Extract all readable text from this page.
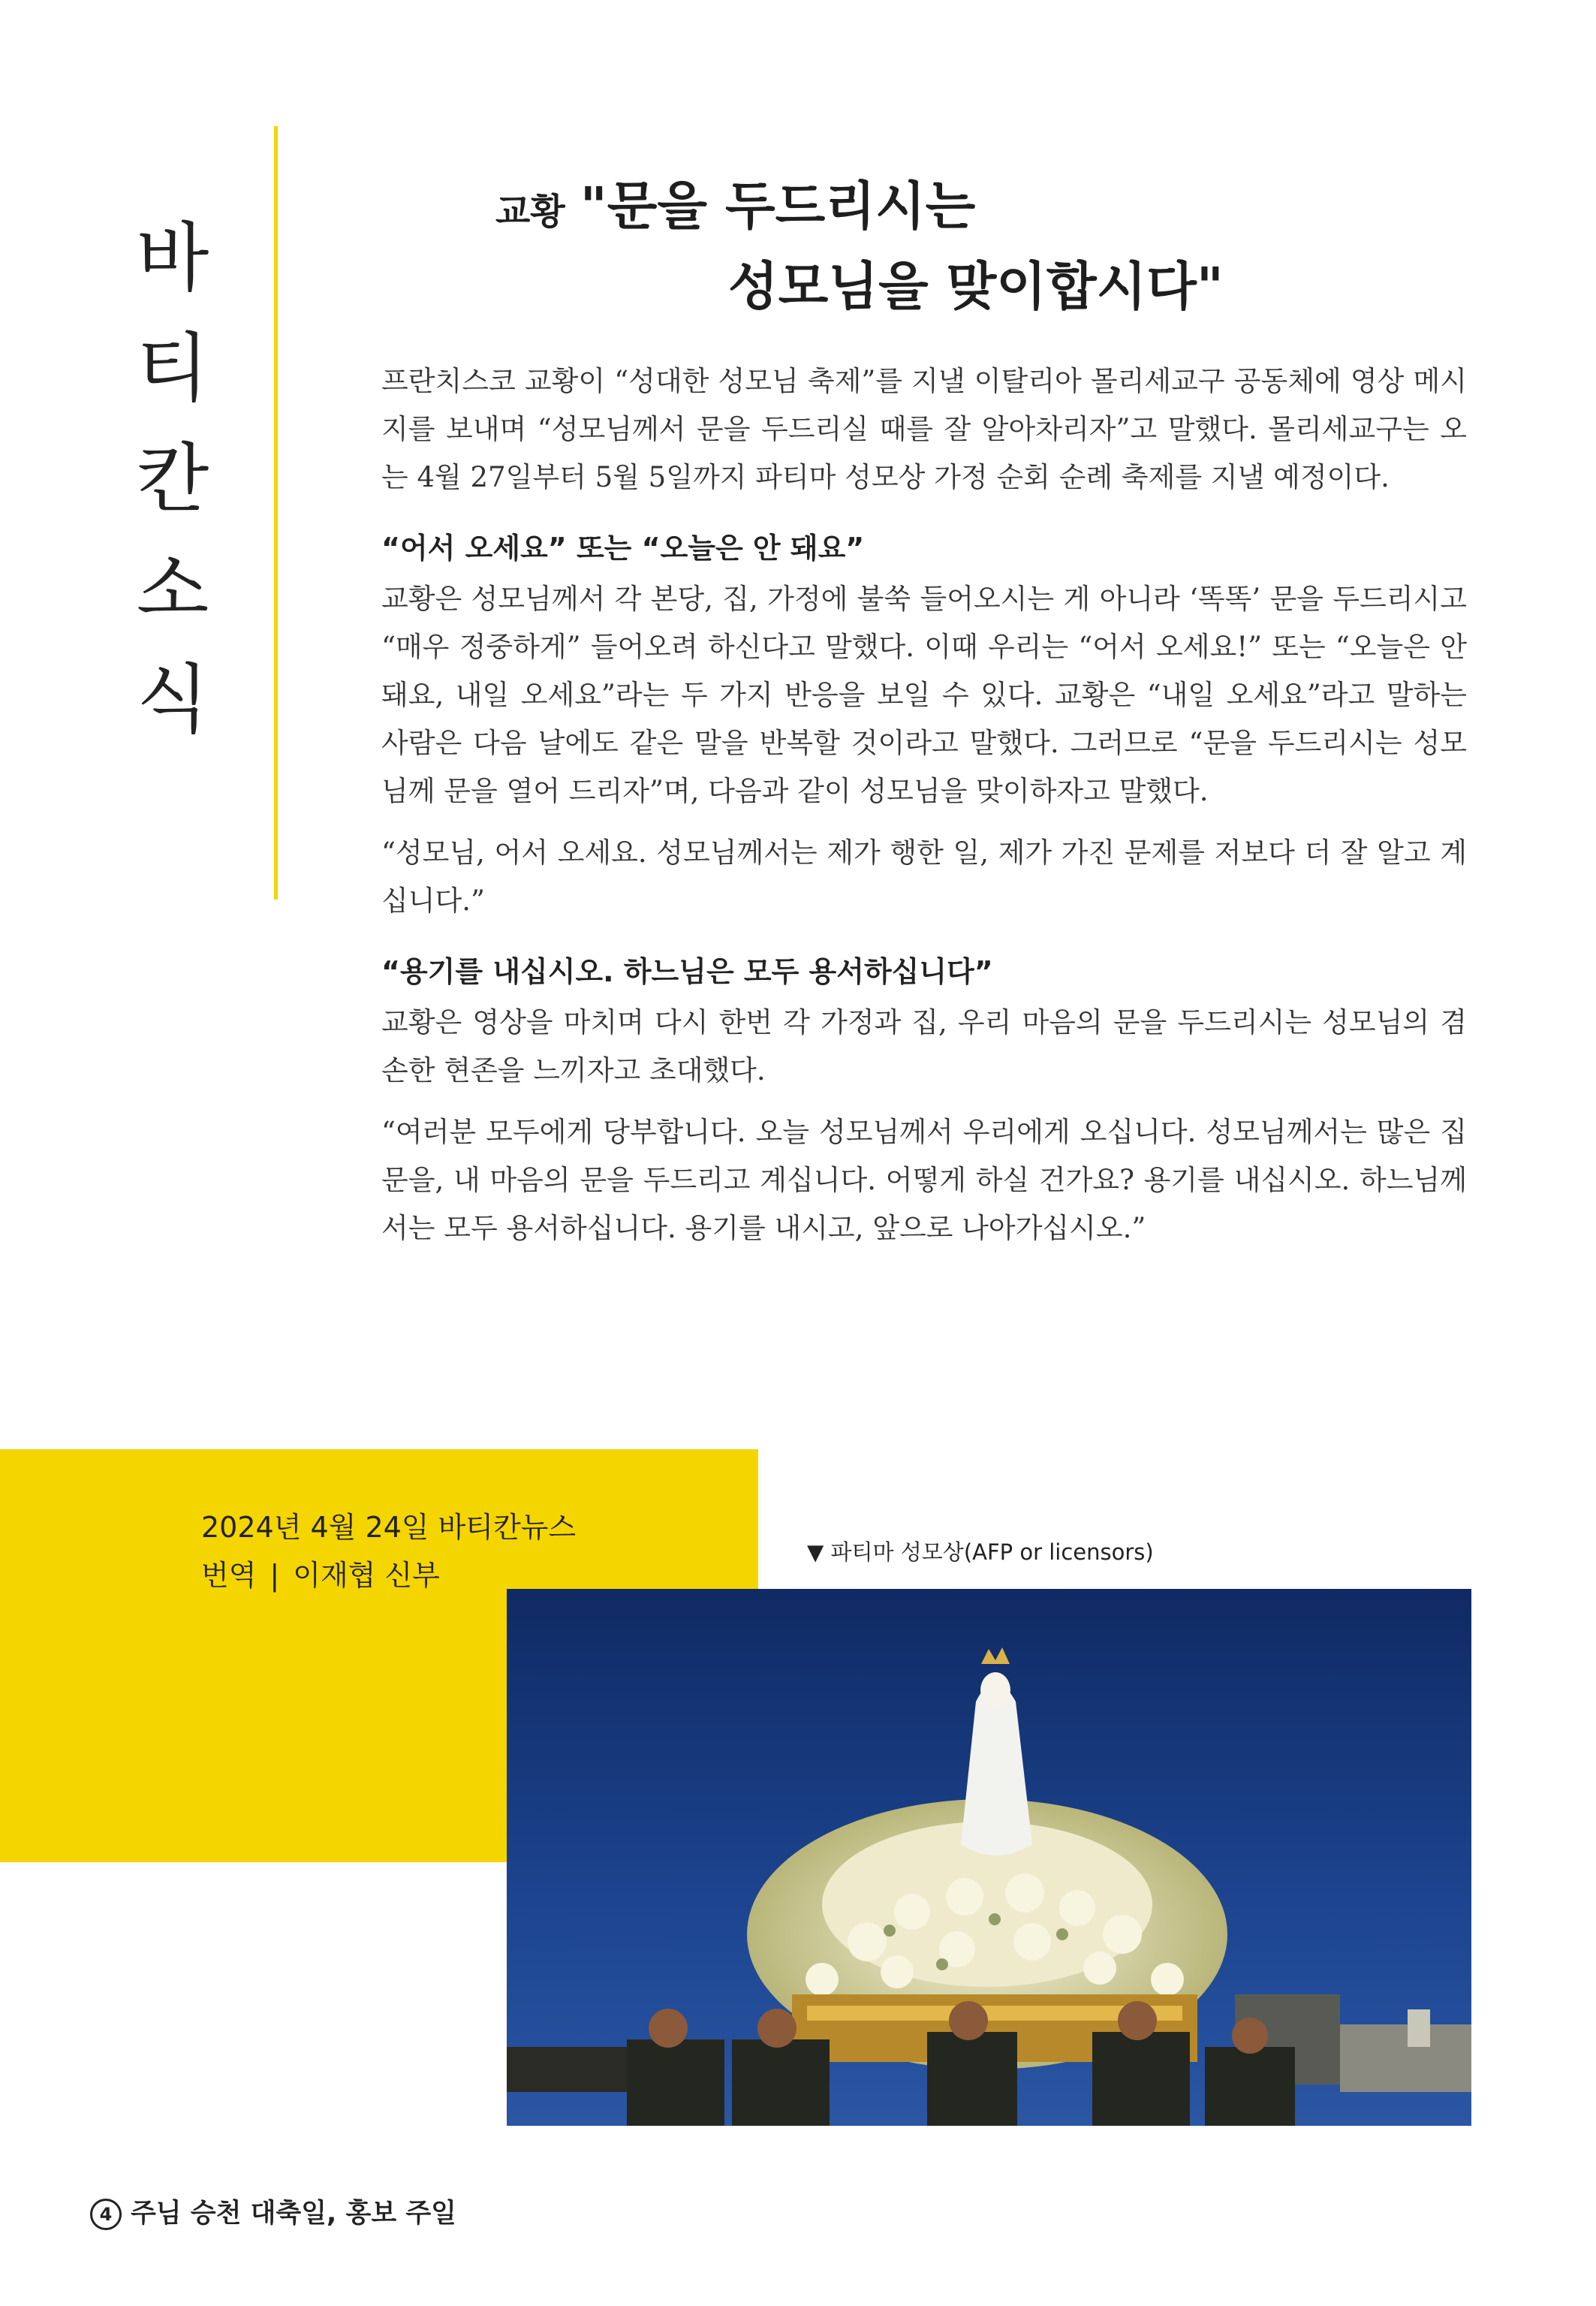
바
티
칸
소
식
교황 "문을 두드리시는
성모님을 맞이합시다"

프란치스코 교황이 “성대한 성모님 축제”를 지낼 이탈리아 몰리세교구 공동체에 영상 메시지를 보내며 “성모님께서 문을 두드리실 때를 잘 알아차리자”고 말했다. 몰리세교구는 오는 4월 27일부터 5월 5일까지 파티마 성모상 가정 순회 순례 축제를 지낼 예정이다.

“어서 오세요” 또는 “오늘은 안 돼요”

교황은 성모님께서 각 본당, 집, 가정에 불쑥 들어오시는 게 아니라 ‘똑똑’ 문을 두드리시고 “매우 정중하게” 들어오려 하신다고 말했다. 이때 우리는 “어서 오세요!” 또는 “오늘은 안 돼요, 내일 오세요”라는 두 가지 반응을 보일 수 있다. 교황은 “내일 오세요”라고 말하는 사람은 다음 날에도 같은 말을 반복할 것이라고 말했다. 그러므로 “문을 두드리시는 성모님께 문을 열어 드리자”며, 다음과 같이 성모님을 맞이하자고 말했다.

“성모님, 어서 오세요. 성모님께서는 제가 행한 일, 제가 가진 문제를 저보다 더 잘 알고 계십니다.”

“용기를 내십시오. 하느님은 모두 용서하십니다”

교황은 영상을 마치며 다시 한번 각 가정과 집, 우리 마음의 문을 두드리시는 성모님의 겸손한 현존을 느끼자고 초대했다.

“여러분 모두에게 당부합니다. 오늘 성모님께서 우리에게 오십니다. 성모님께서는 많은 집 문을, 내 마음의 문을 두드리고 계십니다. 어떻게 하실 건가요? 용기를 내십시오. 하느님께서는 모두 용서하십니다. 용기를 내시고, 앞으로 나아가십시오.”

2024년 4월 24일 바티칸뉴스
번역 | 이재협 신부
▼ 파티마 성모상(AFP or licensors)
4 주님 승천 대축일, 홍보 주일
